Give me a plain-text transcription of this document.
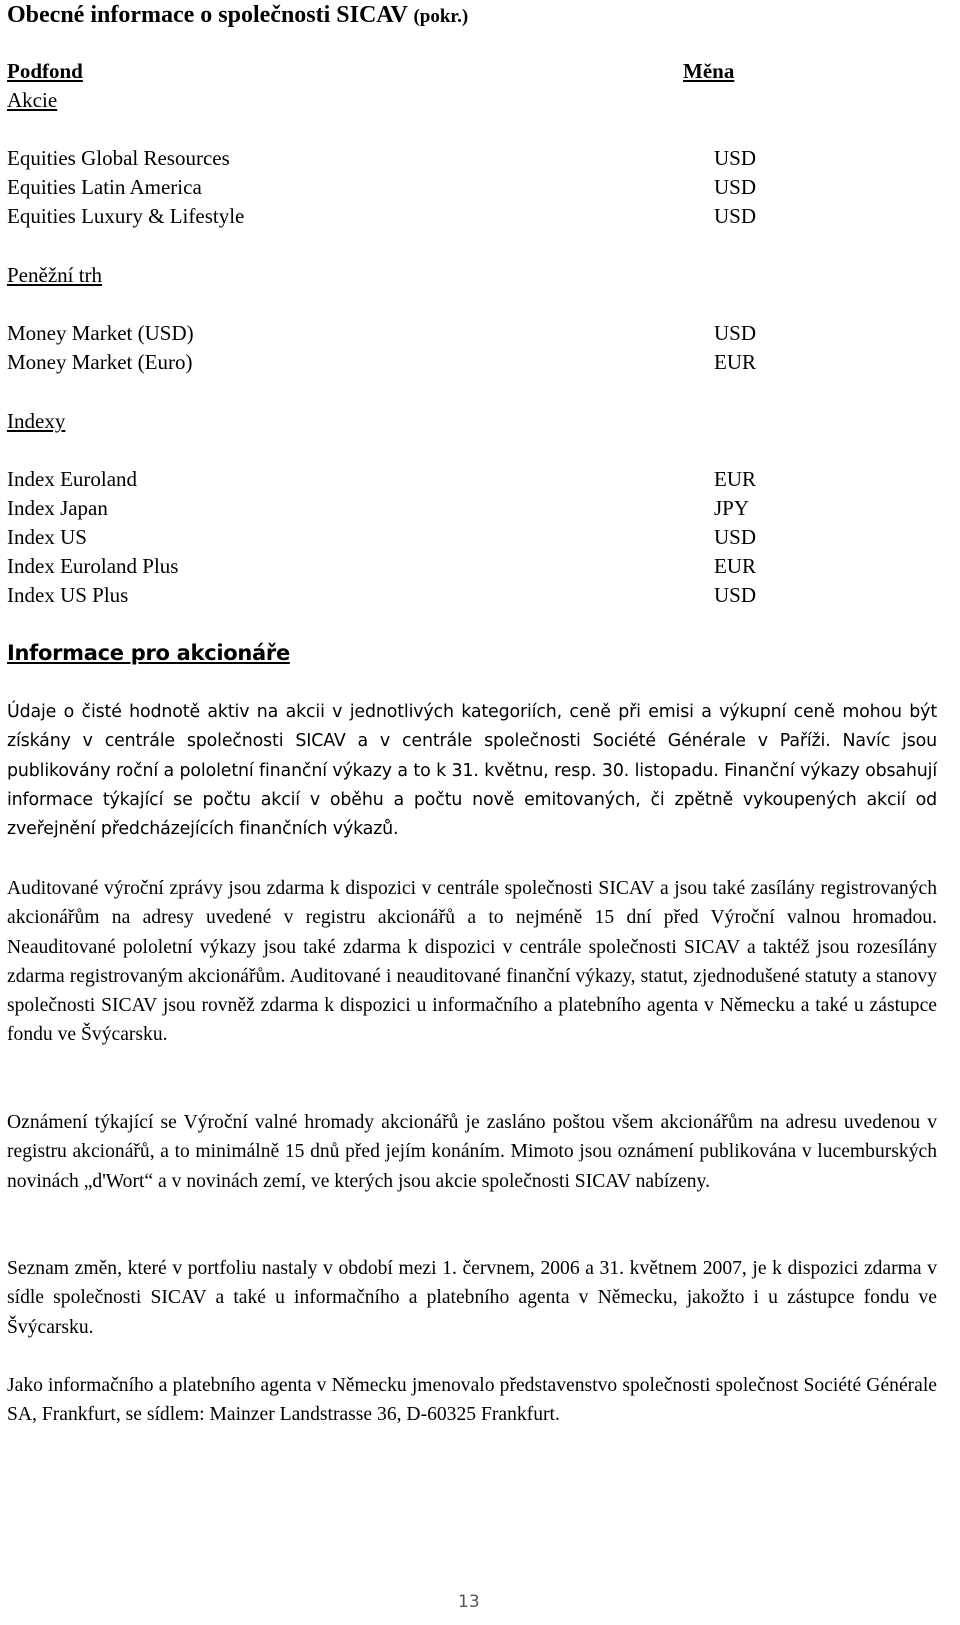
Obecné informace o společnosti SICAV (pokr.)
Podfond	Měna
Akcie
Equities Global Resources	USD
Equities Latin America	USD
Equities Luxury & Lifestyle	USD
Peněžní trh
Money Market (USD)	USD
Money Market (Euro)	EUR
Indexy
Index Euroland	EUR
Index Japan	JPY
Index US	USD
Index Euroland Plus	EUR
Index US Plus	USD
Informace pro akcionáře

Údaje o čisté hodnotě aktiv na akcii v jednotlivých kategoriích, ceně při emisi a výkupní ceně mohou být získány v centrále společnosti SICAV a v centrále společnosti Société Générale v Paříži. Navíc jsou publikovány roční a pololetní finanční výkazy a to k 31. květnu, resp. 30. listopadu. Finanční výkazy obsahují informace týkající se počtu akcií v oběhu a počtu nově emitovaných, či zpětně vykoupených akcií od zveřejnění předcházejících finančních výkazů.

Auditované výroční zprávy jsou zdarma k dispozici v centrále společnosti SICAV a jsou také zasílány registrovaných akcionářům na adresy uvedené v registru akcionářů a to nejméně 15 dní před Výroční valnou hromadou. Neauditované pololetní výkazy jsou také zdarma k dispozici v centrále společnosti SICAV a taktéž jsou rozesílány zdarma registrovaným akcionářům. Auditované i neauditované finanční výkazy, statut, zjednodušené statuty a stanovy společnosti SICAV jsou rovněž zdarma k dispozici u informačního a platebního agenta v Německu a také u zástupce fondu ve Švýcarsku.

Oznámení týkající se Výroční valné hromady akcionářů je zasláno poštou všem akcionářům na adresu uvedenou v registru akcionářů, a to minimálně 15 dnů před jejím konáním. Mimoto jsou oznámení publikována v lucemburských novinách „d'Wort“ a v novinách zemí, ve kterých jsou akcie společnosti SICAV nabízeny.

Seznam změn, které v portfoliu nastaly v období mezi 1. červnem, 2006 a 31. květnem 2007, je k dispozici zdarma v sídle společnosti SICAV a také u informačního a platebního agenta v Německu, jakožto i u zástupce fondu ve Švýcarsku.

Jako informačního a platebního agenta v Německu jmenovalo představenstvo společnosti společnost Société Générale SA, Frankfurt, se sídlem: Mainzer Landstrasse 36, D-60325 Frankfurt.

13
